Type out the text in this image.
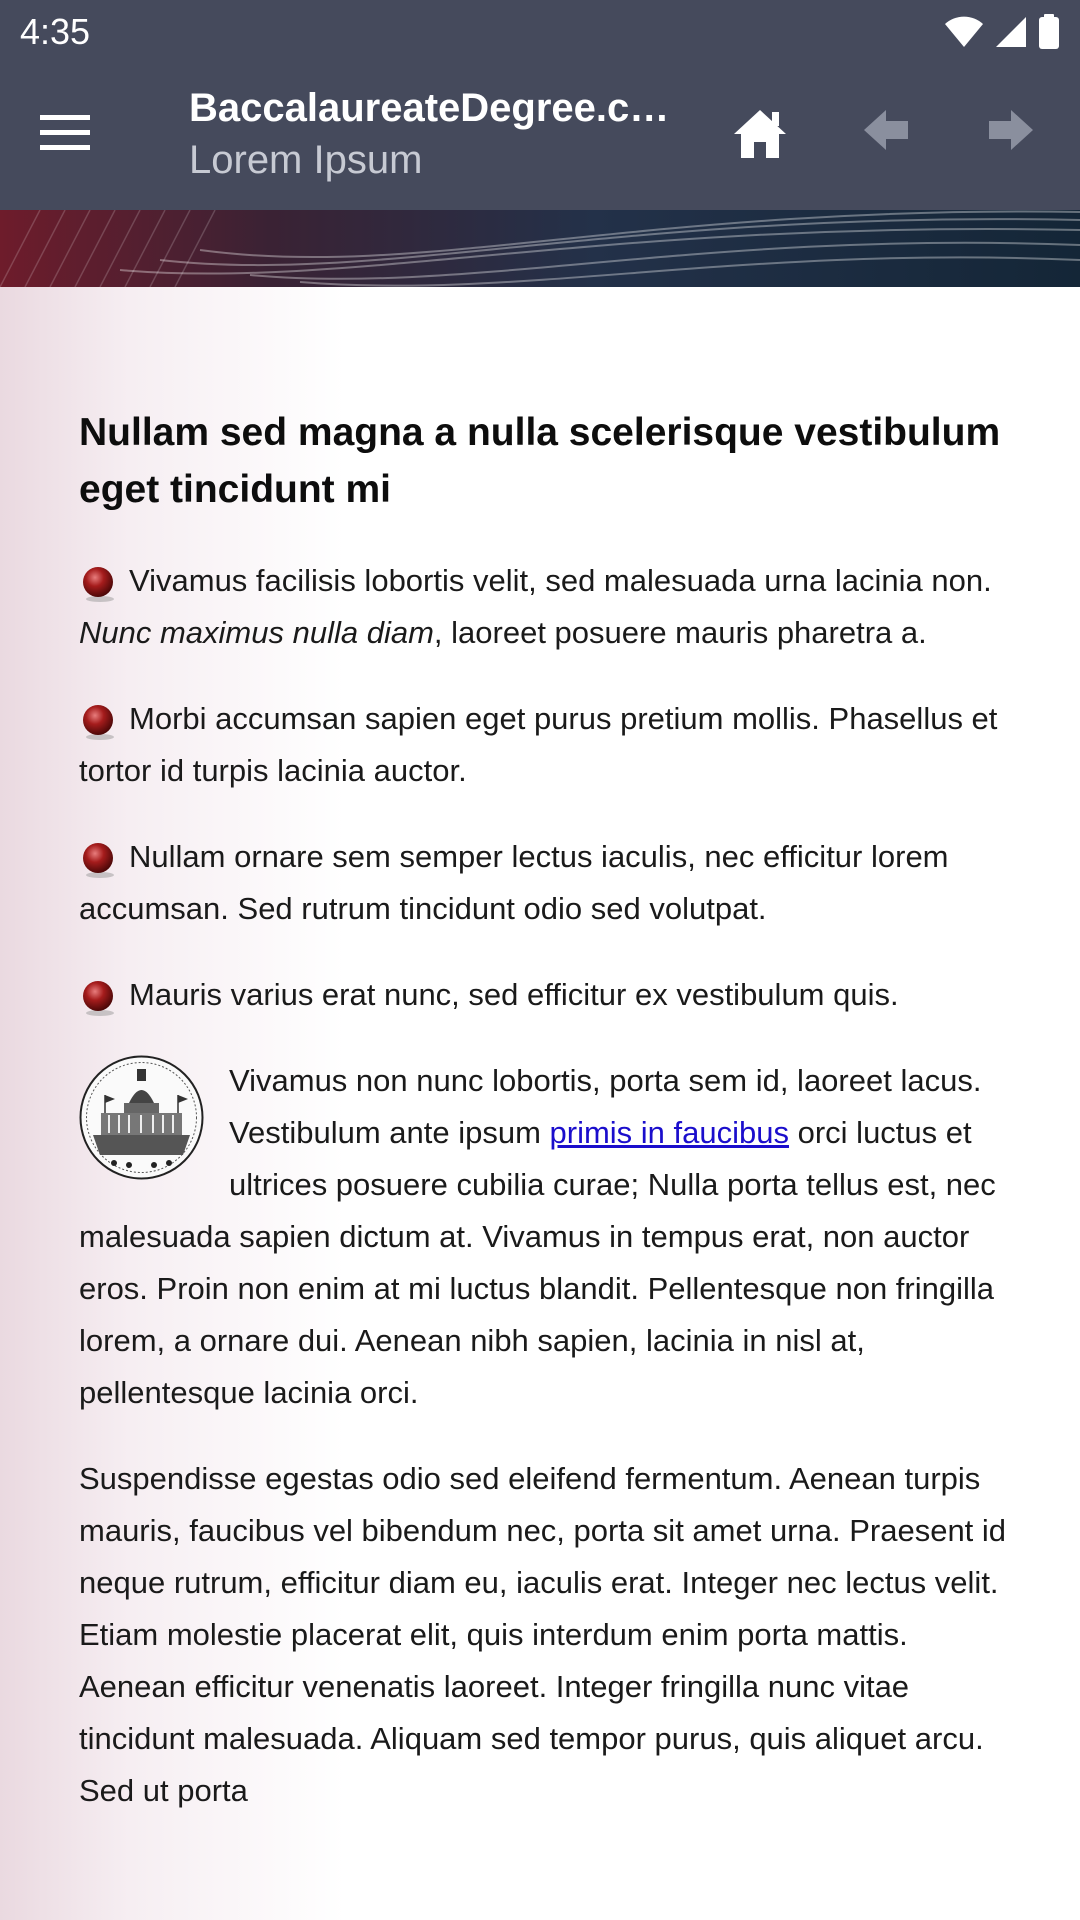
4:35
BaccalaureateDegree.c…
Lorem Ipsum
Nullam sed magna a nulla scelerisque vestibulum eget tincidunt mi
Vivamus facilisis lobortis velit, sed malesuada urna lacinia non. Nunc maximus nulla diam, laoreet posuere mauris pharetra a.
Morbi accumsan sapien eget purus pretium mollis. Phasellus et tortor id turpis lacinia auctor.
Nullam ornare sem semper lectus iaculis, nec efficitur lorem accumsan. Sed rutrum tincidunt odio sed volutpat.
Mauris varius erat nunc, sed efficitur ex vestibulum quis.
Vivamus non nunc lobortis, porta sem id, laoreet lacus. Vestibulum ante ipsum primis in faucibus orci luctus et ultrices posuere cubilia curae; Nulla porta tellus est, nec malesuada sapien dictum at. Vivamus in tempus erat, non auctor eros. Proin non enim at mi luctus blandit. Pellentesque non fringilla lorem, a ornare dui. Aenean nibh sapien, lacinia in nisl at, pellentesque lacinia orci.
Suspendisse egestas odio sed eleifend fermentum. Aenean turpis mauris, faucibus vel bibendum nec, porta sit amet urna. Praesent id neque rutrum, efficitur diam eu, iaculis erat. Integer nec lectus velit. Etiam molestie placerat elit, quis interdum enim porta mattis. Aenean efficitur venenatis laoreet. Integer fringilla nunc vitae tincidunt malesuada. Aliquam sed tempor purus, quis aliquet arcu. Sed ut porta
